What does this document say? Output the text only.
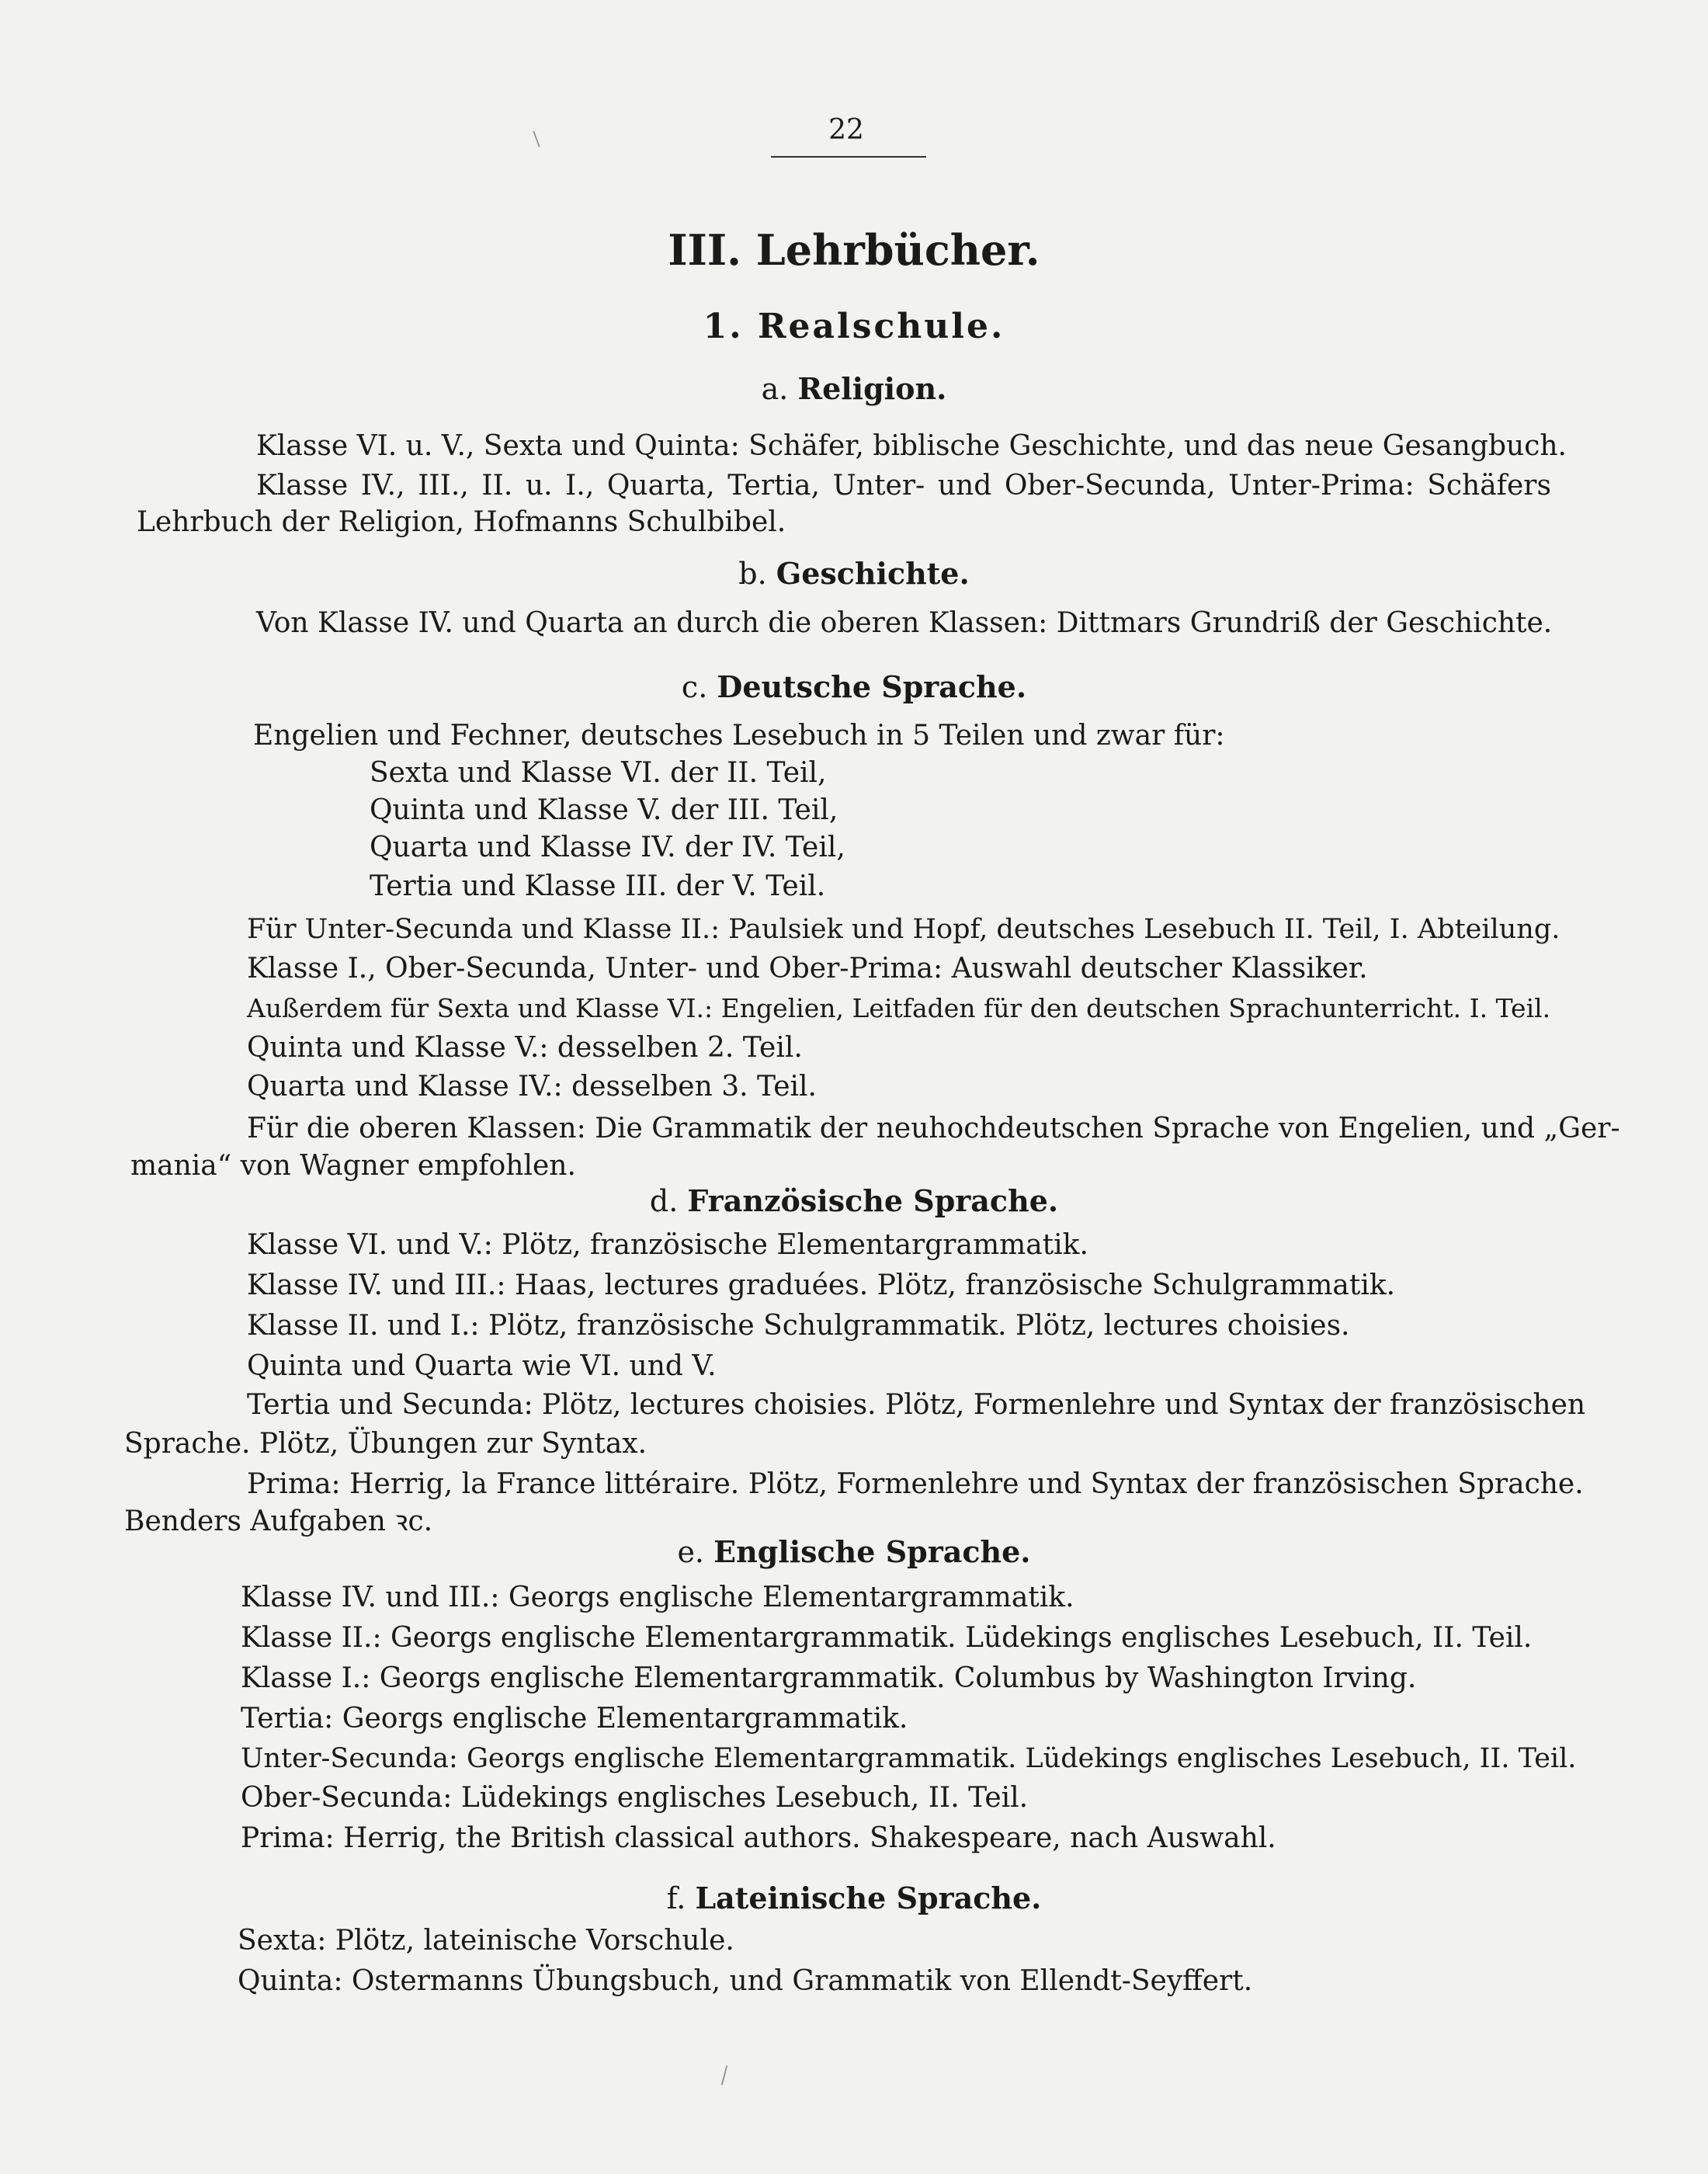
22
III. Lehrbücher.
1. Realschule.
a. Religion.
Klasse VI. u. V., Sexta und Quinta: Schäfer, biblische Geschichte, und das neue Gesangbuch.
Klasse IV., III., II. u. I., Quarta, Tertia, Unter- und Ober-Secunda, Unter-Prima: Schäfers
Lehrbuch der Religion, Hofmanns Schulbibel.
b. Geschichte.
Von Klasse IV. und Quarta an durch die oberen Klassen: Dittmars Grundriß der Geschichte.
c. Deutsche Sprache.
Engelien und Fechner, deutsches Lesebuch in 5 Teilen und zwar für:
Sexta und Klasse VI. der II. Teil,
Quinta und Klasse V. der III. Teil,
Quarta und Klasse IV. der IV. Teil,
Tertia und Klasse III. der V. Teil.
Für Unter-Secunda und Klasse II.: Paulsiek und Hopf, deutsches Lesebuch II. Teil, I. Abteilung.
Klasse I., Ober-Secunda, Unter- und Ober-Prima: Auswahl deutscher Klassiker.
Außerdem für Sexta und Klasse VI.: Engelien, Leitfaden für den deutschen Sprachunterricht. I. Teil.
Quinta und Klasse V.: desselben 2. Teil.
Quarta und Klasse IV.: desselben 3. Teil.
Für die oberen Klassen: Die Grammatik der neuhochdeutschen Sprache von Engelien, und „Ger-
mania“ von Wagner empfohlen.
d. Französische Sprache.
Klasse VI. und V.: Plötz, französische Elementargrammatik.
Klasse IV. und III.: Haas, lectures graduées. Plötz, französische Schulgrammatik.
Klasse II. und I.: Plötz, französische Schulgrammatik. Plötz, lectures choisies.
Quinta und Quarta wie VI. und V.
Tertia und Secunda: Plötz, lectures choisies. Plötz, Formenlehre und Syntax der französischen
Sprache. Plötz, Übungen zur Syntax.
Prima: Herrig, la France littéraire. Plötz, Formenlehre und Syntax der französischen Sprache.
Benders Aufgaben ꝛc.
e. Englische Sprache.
Klasse IV. und III.: Georgs englische Elementargrammatik.
Klasse II.: Georgs englische Elementargrammatik. Lüdekings englisches Lesebuch, II. Teil.
Klasse I.: Georgs englische Elementargrammatik. Columbus by Washington Irving.
Tertia: Georgs englische Elementargrammatik.
Unter-Secunda: Georgs englische Elementargrammatik. Lüdekings englisches Lesebuch, II. Teil.
Ober-Secunda: Lüdekings englisches Lesebuch, II. Teil.
Prima: Herrig, the British classical authors. Shakespeare, nach Auswahl.
f. Lateinische Sprache.
Sexta: Plötz, lateinische Vorschule.
Quinta: Ostermanns Übungsbuch, und Grammatik von Ellendt-Seyffert.
